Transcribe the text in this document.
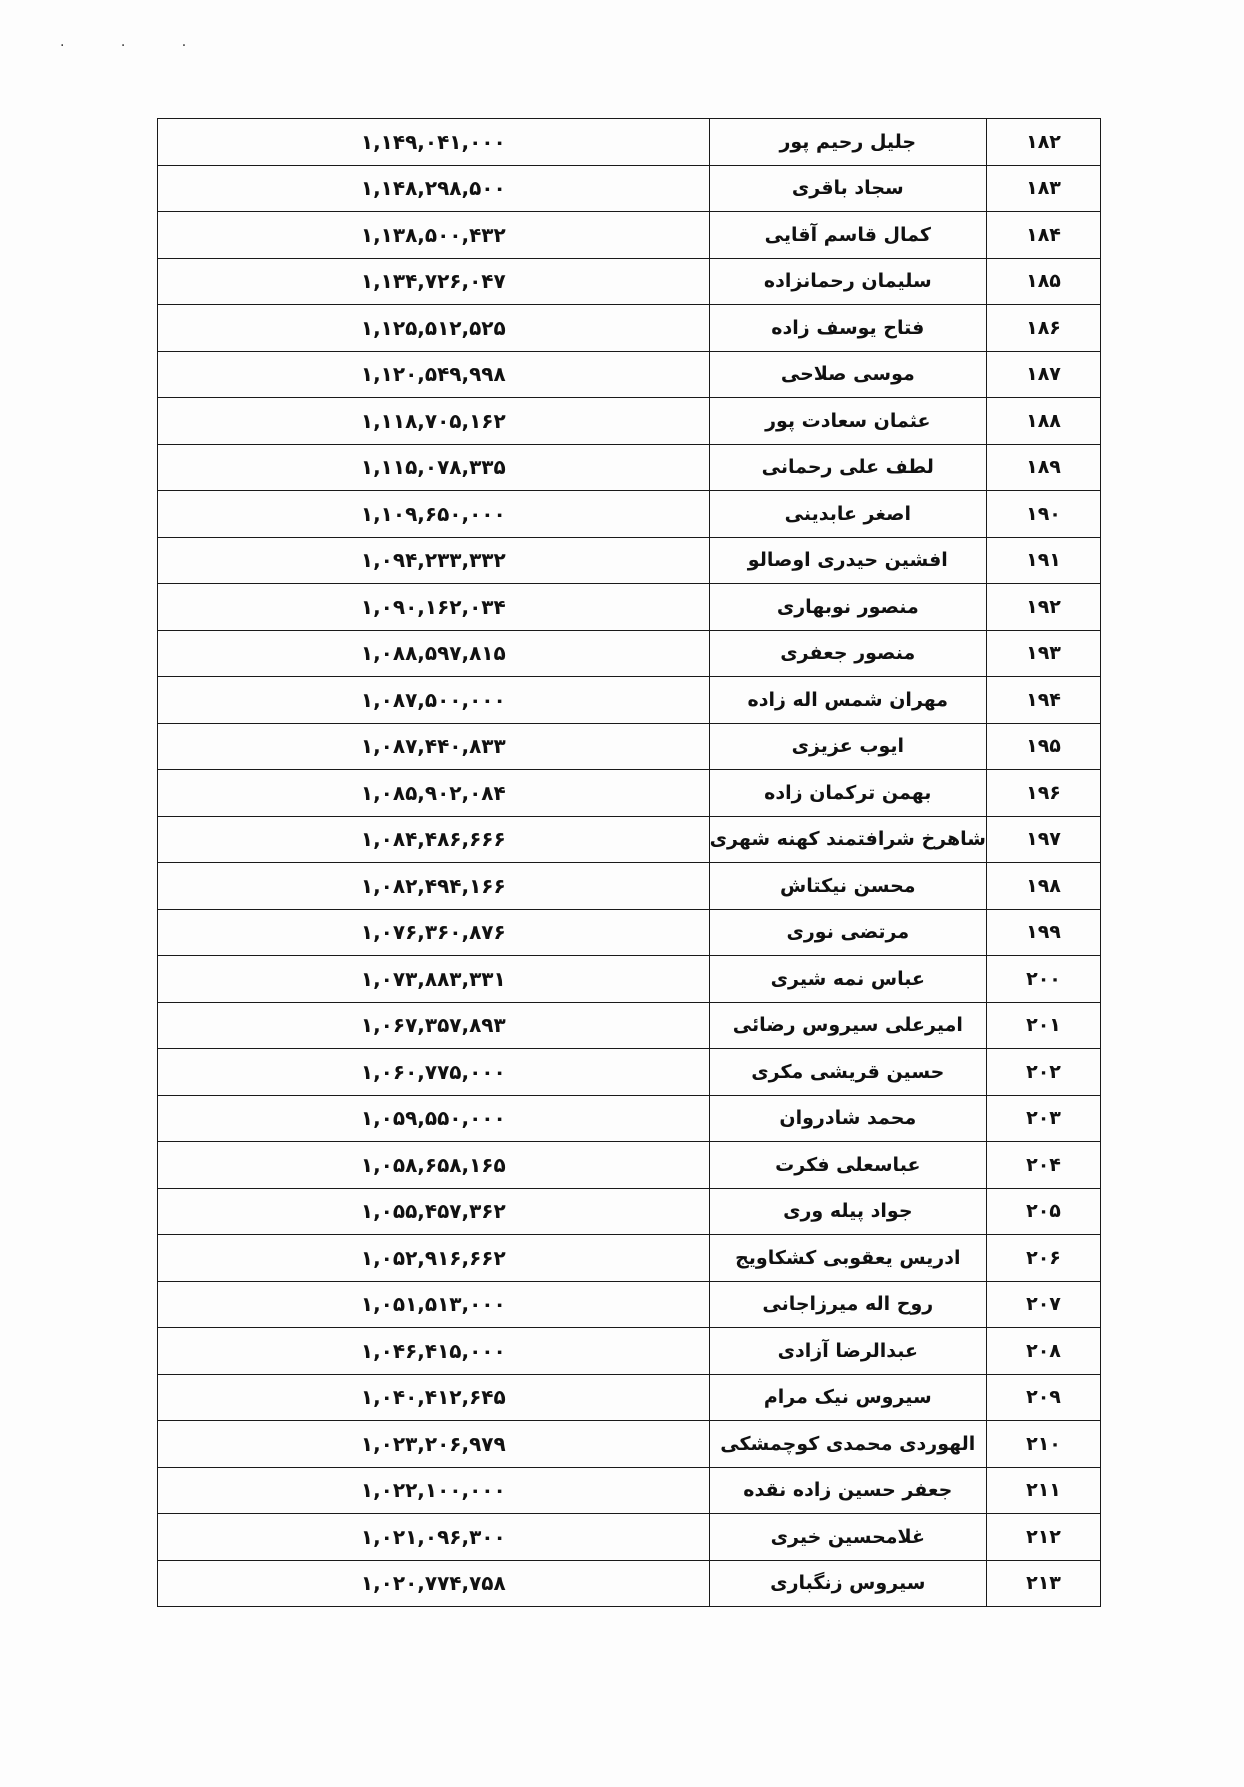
· · ·
۱۸۲	جلیل رحیم پور	۱,۱۴۹,۰۴۱,۰۰۰
۱۸۳	سجاد باقری	۱,۱۴۸,۲۹۸,۵۰۰
۱۸۴	کمال قاسم آقایی	۱,۱۳۸,۵۰۰,۴۳۲
۱۸۵	سلیمان رحمانزاده	۱,۱۳۴,۷۲۶,۰۴۷
۱۸۶	فتاح یوسف زاده	۱,۱۲۵,۵۱۲,۵۲۵
۱۸۷	موسی صلاحی	۱,۱۲۰,۵۴۹,۹۹۸
۱۸۸	عثمان سعادت پور	۱,۱۱۸,۷۰۵,۱۶۲
۱۸۹	لطف علی رحمانی	۱,۱۱۵,۰۷۸,۳۳۵
۱۹۰	اصغر عابدینی	۱,۱۰۹,۶۵۰,۰۰۰
۱۹۱	افشین حیدری اوصالو	۱,۰۹۴,۲۳۳,۳۳۲
۱۹۲	منصور نوبهاری	۱,۰۹۰,۱۶۲,۰۳۴
۱۹۳	منصور جعفری	۱,۰۸۸,۵۹۷,۸۱۵
۱۹۴	مهران شمس اله زاده	۱,۰۸۷,۵۰۰,۰۰۰
۱۹۵	ایوب عزیزی	۱,۰۸۷,۴۴۰,۸۳۳
۱۹۶	بهمن ترکمان زاده	۱,۰۸۵,۹۰۲,۰۸۴
۱۹۷	شاهرخ شرافتمند کهنه شهری	۱,۰۸۴,۴۸۶,۶۶۶
۱۹۸	محسن نیکتاش	۱,۰۸۲,۴۹۴,۱۶۶
۱۹۹	مرتضی نوری	۱,۰۷۶,۳۶۰,۸۷۶
۲۰۰	عباس نمه شیری	۱,۰۷۳,۸۸۳,۳۳۱
۲۰۱	امیرعلی سیروس رضائی	۱,۰۶۷,۳۵۷,۸۹۳
۲۰۲	حسین قریشی مکری	۱,۰۶۰,۷۷۵,۰۰۰
۲۰۳	محمد شادروان	۱,۰۵۹,۵۵۰,۰۰۰
۲۰۴	عباسعلی فکرت	۱,۰۵۸,۶۵۸,۱۶۵
۲۰۵	جواد پیله وری	۱,۰۵۵,۴۵۷,۳۶۲
۲۰۶	ادریس یعقوبی کشکاویج	۱,۰۵۲,۹۱۶,۶۶۲
۲۰۷	روح اله میرزاجانی	۱,۰۵۱,۵۱۳,۰۰۰
۲۰۸	عبدالرضا آزادی	۱,۰۴۶,۴۱۵,۰۰۰
۲۰۹	سیروس نیک مرام	۱,۰۴۰,۴۱۲,۶۴۵
۲۱۰	الهوردی محمدی کوچمشکی	۱,۰۲۳,۲۰۶,۹۷۹
۲۱۱	جعفر حسین زاده نقده	۱,۰۲۲,۱۰۰,۰۰۰
۲۱۲	غلامحسین خیری	۱,۰۲۱,۰۹۶,۳۰۰
۲۱۳	سیروس زنگباری	۱,۰۲۰,۷۷۴,۷۵۸
